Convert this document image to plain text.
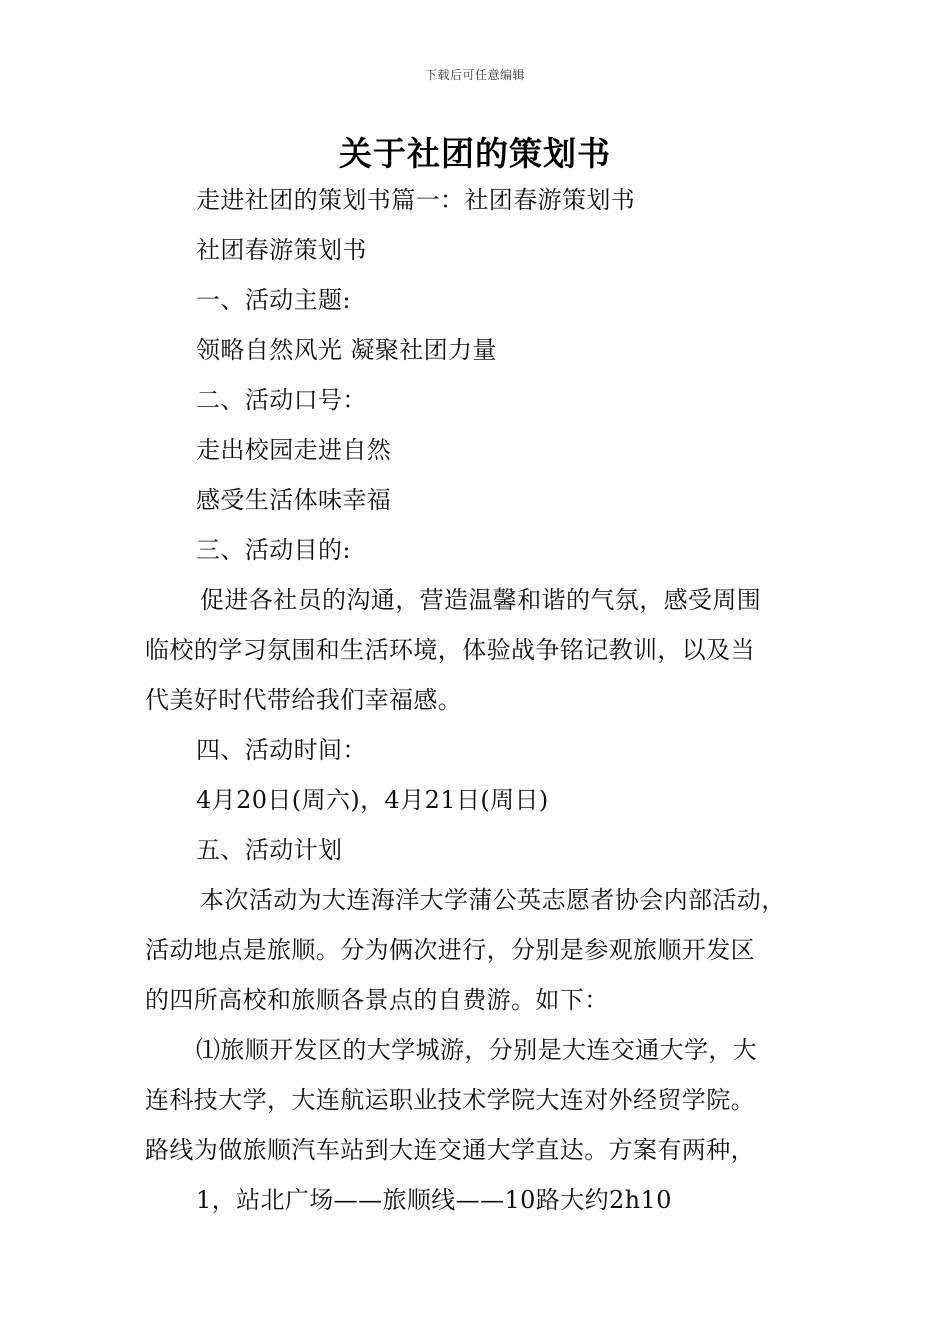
下载后可任意编辑
关于社团的策划书
走进社团的策划书篇一：社团春游策划书
社团春游策划书
一、活动主题:
领略自然风光 凝聚社团力量
二、活动口号：
走出校园走进自然
感受生活体味幸福
三、活动目的:
促进各社员的沟通，营造温馨和谐的气氛，感受周围
临校的学习氛围和生活环境，体验战争铭记教训，以及当
代美好时代带给我们幸福感。
四、活动时间：
4月20日(周六)，4月21日(周日)
五、活动计划
本次活动为大连海洋大学蒲公英志愿者协会内部活动，
活动地点是旅顺。分为俩次进行，分别是参观旅顺开发区
的四所高校和旅顺各景点的自费游。如下：
⑴旅顺开发区的大学城游，分别是大连交通大学，大
连科技大学，大连航运职业技术学院大连对外经贸学院。
路线为做旅顺汽车站到大连交通大学直达。方案有两种，
1，站北广场——旅顺线——10路大约2h10
